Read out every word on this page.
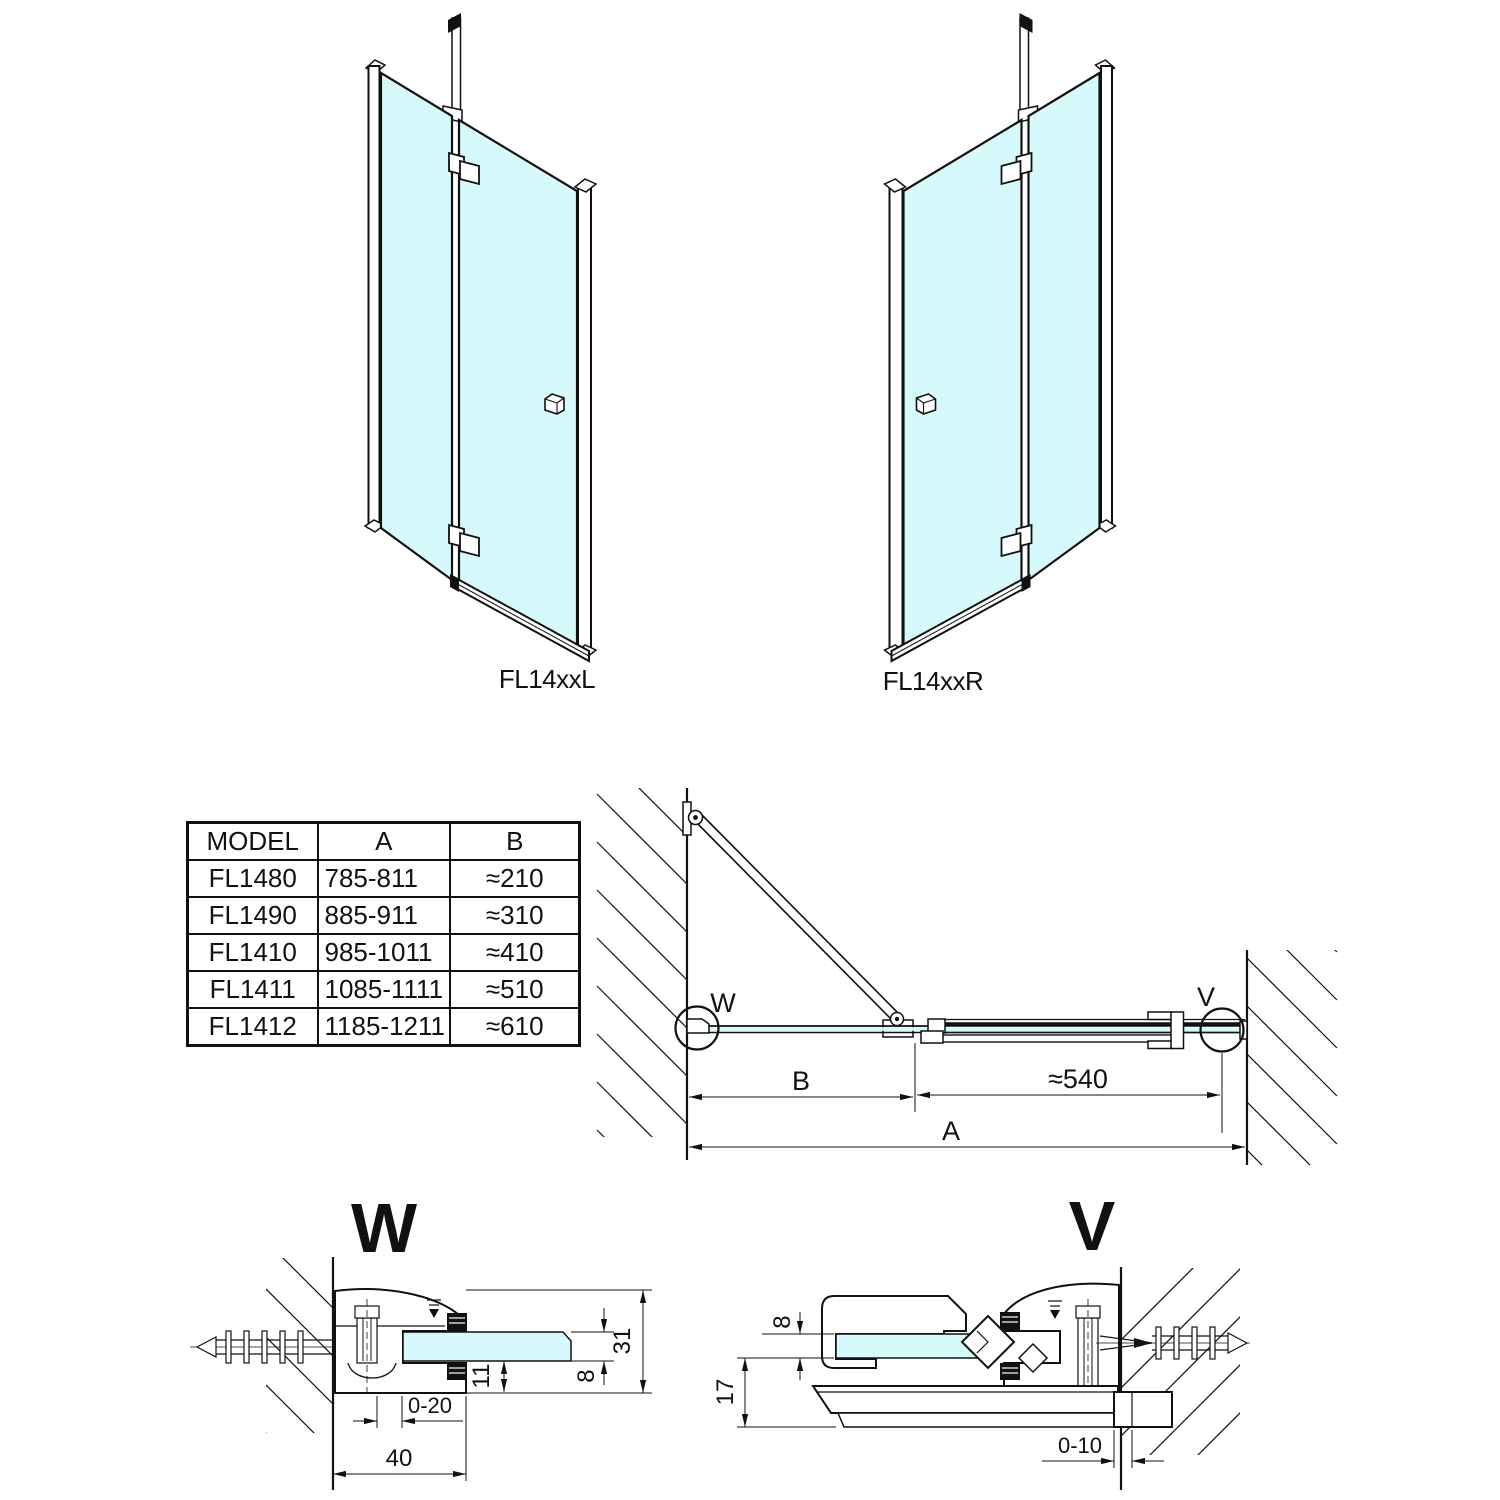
FL14xxL	FL14xxR
W	V
B	≈540
A
W
31
8
11
0-20
40
V
8
17
0-10
MODEL	A	B
FL1480	785-811	≈210
FL1490	885-911	≈310
FL1410	985-1011	≈410
FL1411	1085-1111	≈510
FL1412	1185-1211	≈610
